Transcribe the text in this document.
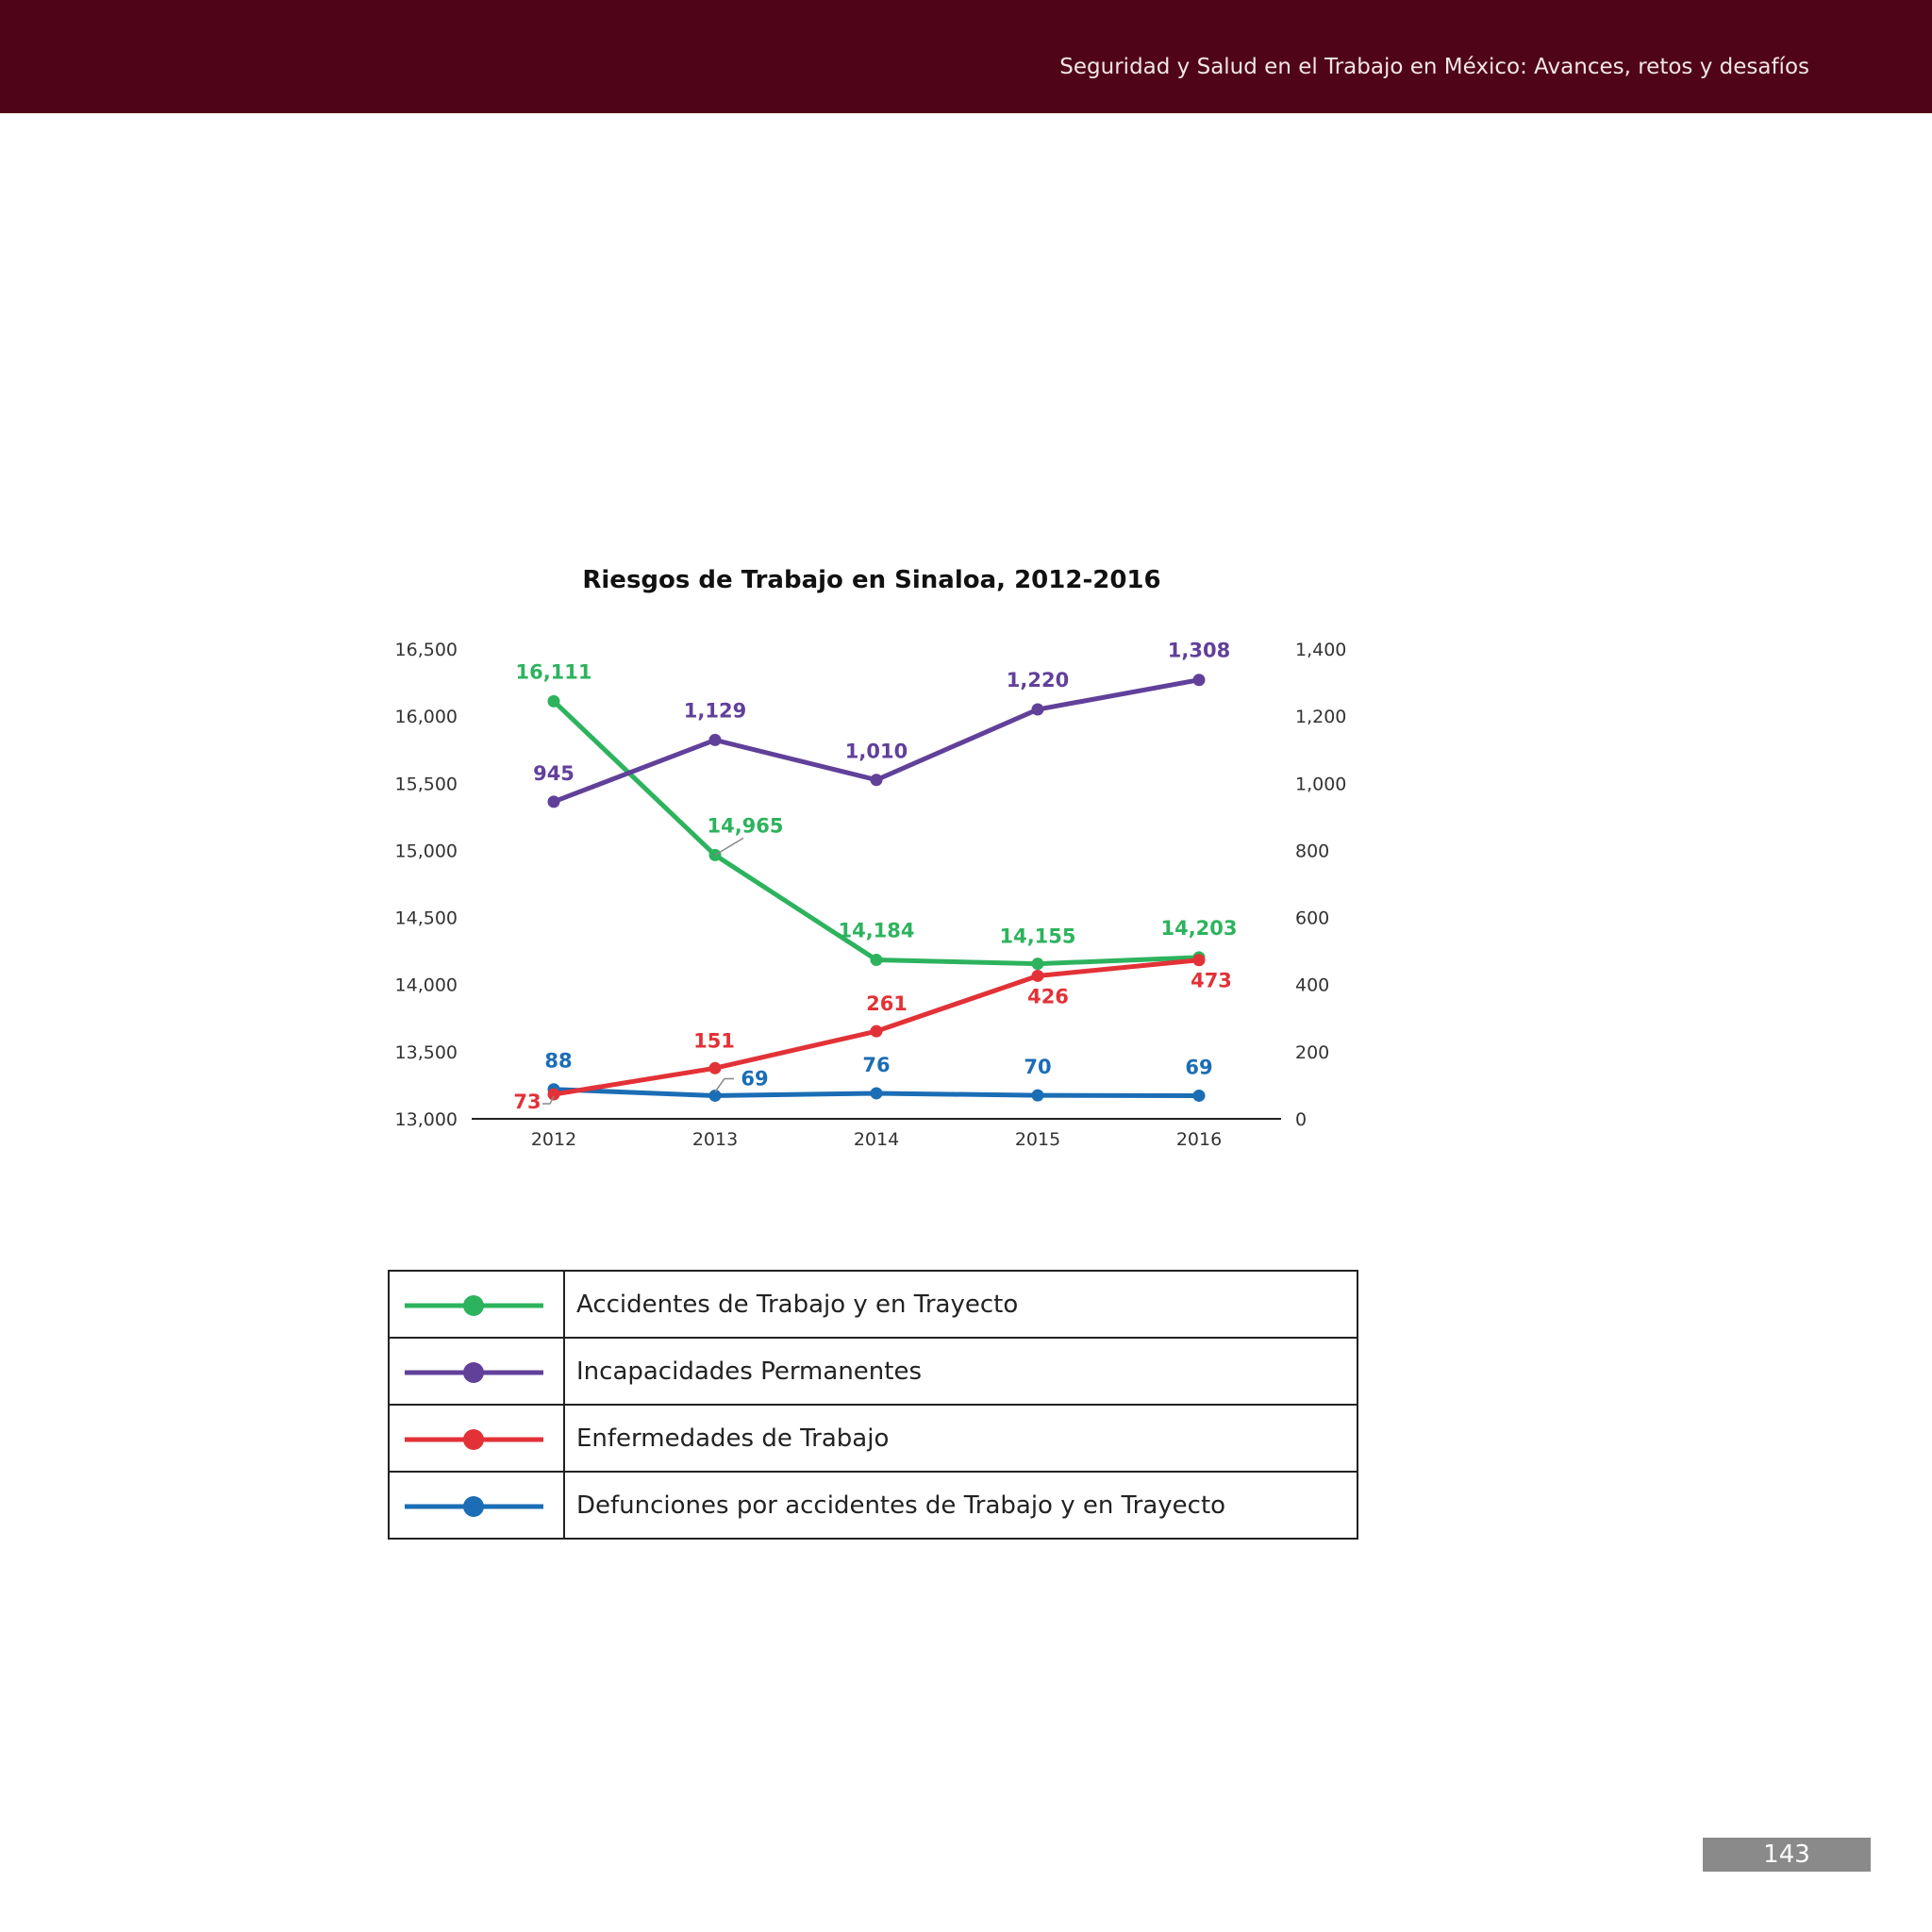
Seguridad y Salud en el Trabajo en México: Avances, retos y desafíos
Riesgos de Trabajo en Sinaloa, 2012-2016
13,000
13,500
14,000
14,500
15,000
15,500
16,000
16,500
0
200
400
600
800
1,000
1,200
1,400
2012	2013	2014	2015	2016
16,111
14,965
14,184	14,155	14,203
945
1,129
1,010
1,220
1,308
73
151
261	426
473
88
69
76	70	69
	Accidentes de Trabajo y en Trayecto
	Incapacidades Permanentes
	Enfermedades de Trabajo
	Defunciones por accidentes de Trabajo y en Trayecto
143
